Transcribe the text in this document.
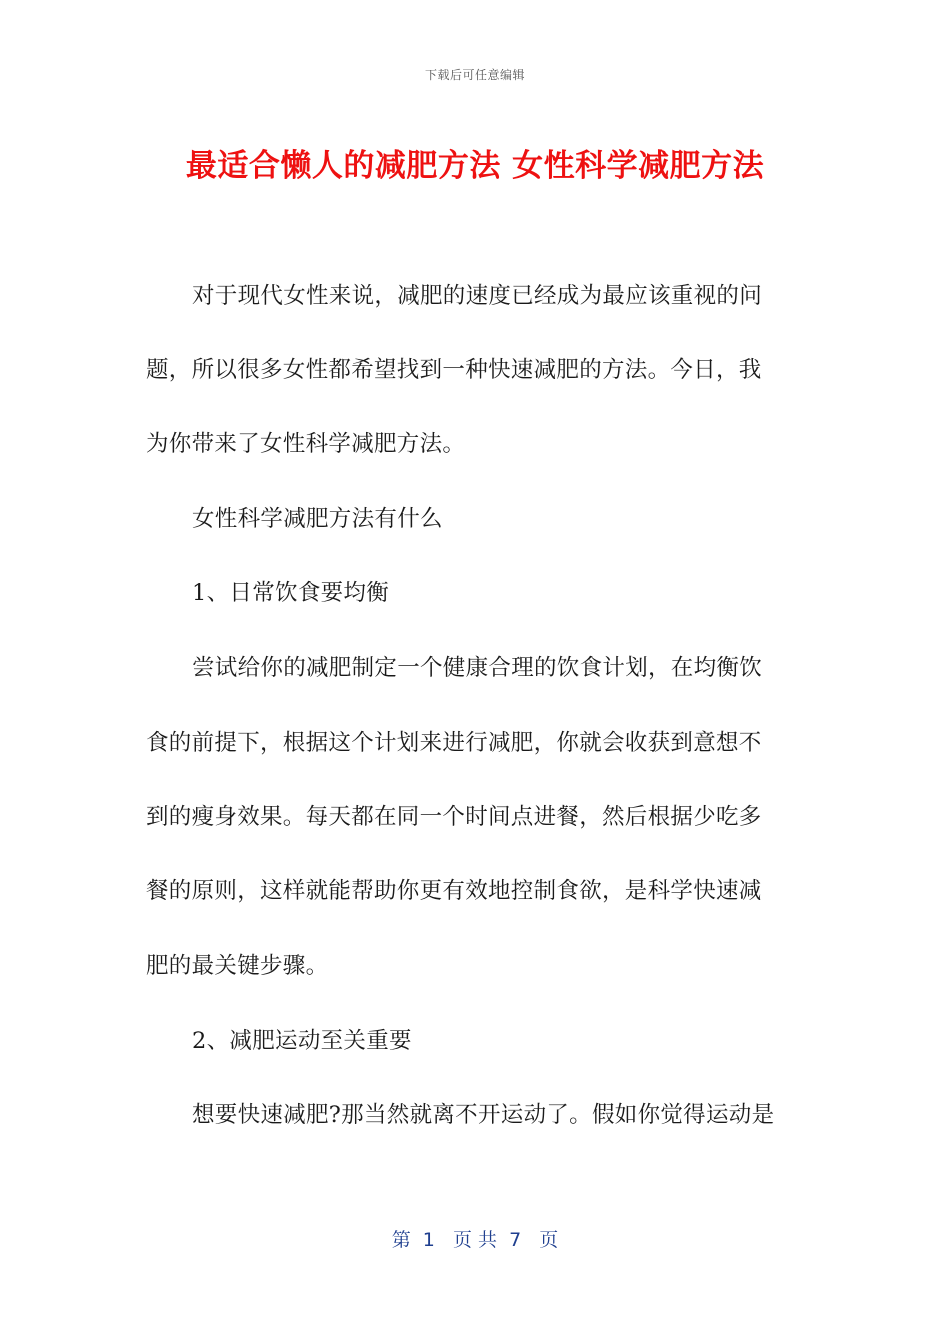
下载后可任意编辑
最适合懒人的减肥方法 女性科学减肥方法
对于现代女性来说，减肥的速度已经成为最应该重视的问
题，所以很多女性都希望找到一种快速减肥的方法。今日，我
为你带来了女性科学减肥方法。
女性科学减肥方法有什么
1、日常饮食要均衡
尝试给你的减肥制定一个健康合理的饮食计划，在均衡饮
食的前提下，根据这个计划来进行减肥，你就会收获到意想不
到的瘦身效果。每天都在同一个时间点进餐，然后根据少吃多
餐的原则，这样就能帮助你更有效地控制食欲，是科学快速减
肥的最关键步骤。
2、减肥运动至关重要
想要快速减肥?那当然就离不开运动了。假如你觉得运动是
第  1   页 共  7   页
